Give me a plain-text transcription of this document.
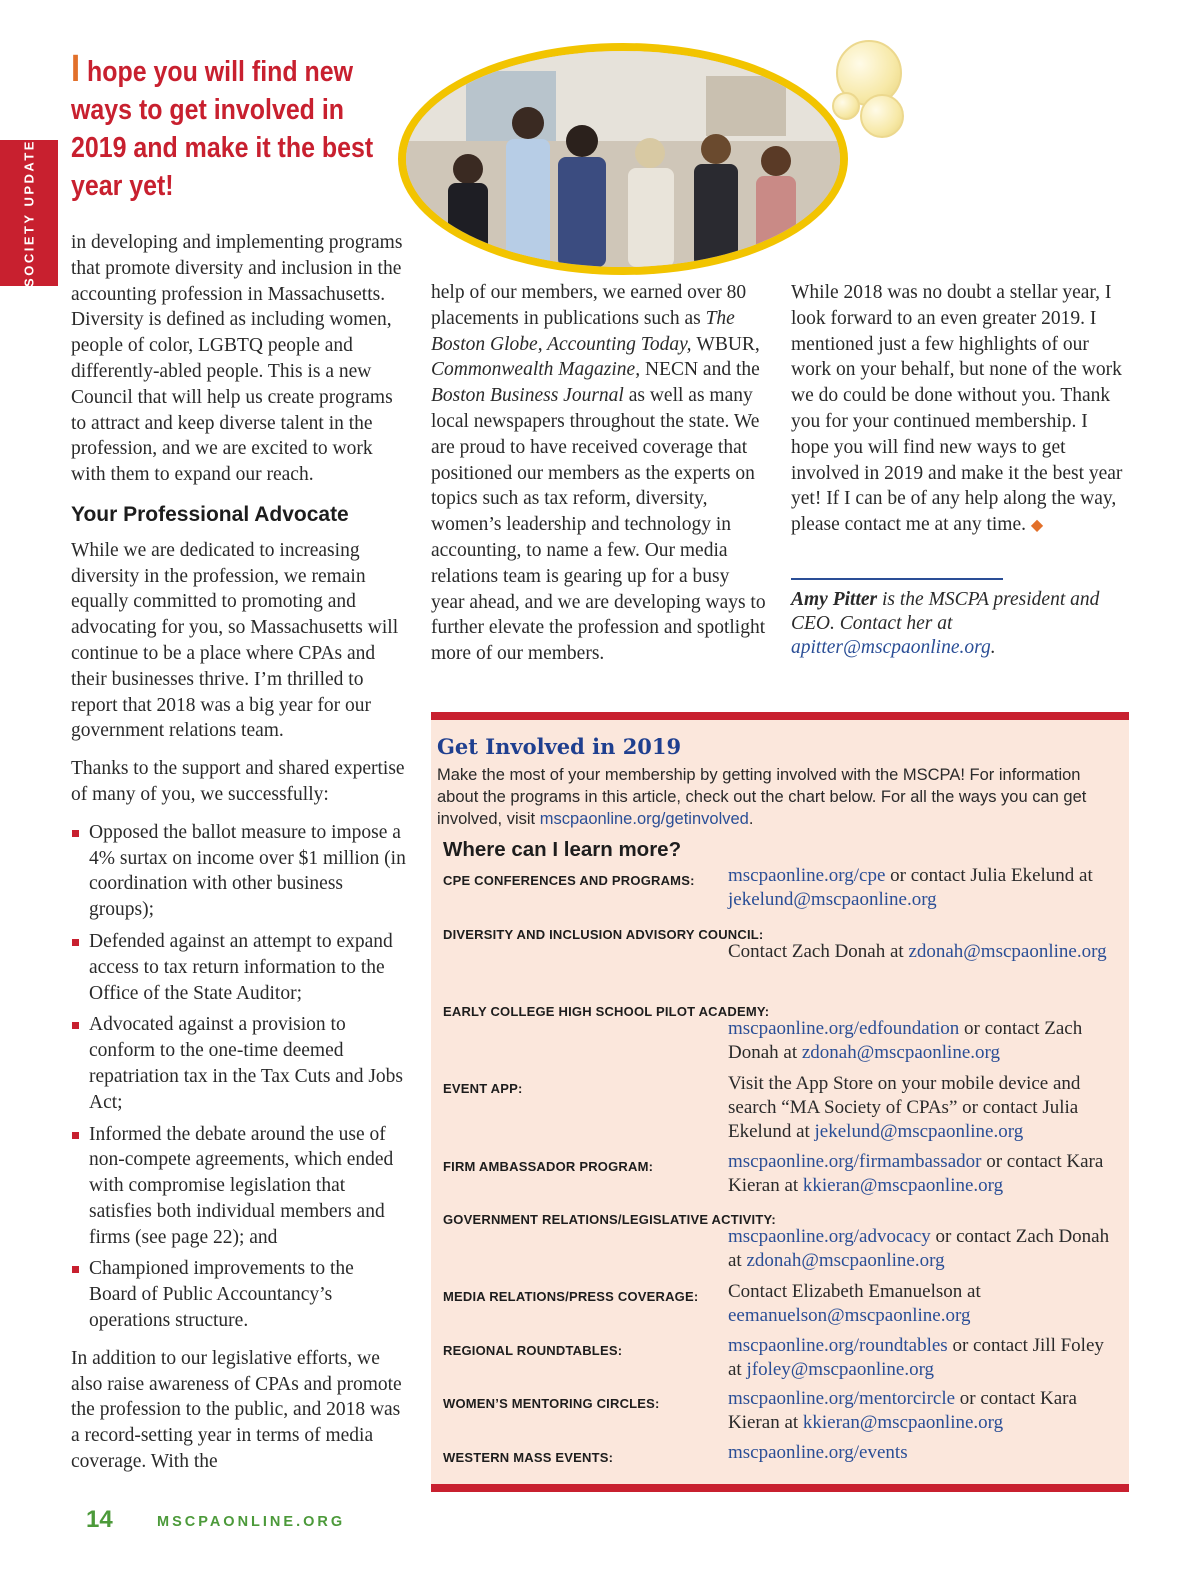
SOCIETY UPDATE
I hope you will find new ways to get involved in 2019 and make it the best year yet!

in developing and implementing programs that promote diversity and inclusion in the accounting profession in Massachusetts. Diversity is defined as including women, people of color, LGBTQ people and differently-abled people. This is a new Council that will help us create programs to attract and keep diverse talent in the profession, and we are excited to work with them to expand our reach.

Your Professional Advocate

While we are dedicated to increasing diversity in the profession, we remain equally committed to promoting and advocating for you, so Massachusetts will continue to be a place where CPAs and their businesses thrive. I’m thrilled to report that 2018 was a big year for our government relations team.

Thanks to the support and shared expertise of many of you, we successfully:

Opposed the ballot measure to impose a 4% surtax on income over $1 million (in coordination with other business groups);
Defended against an attempt to expand access to tax return information to the Office of the State Auditor;
Advocated against a provision to conform to the one-time deemed repatriation tax in the Tax Cuts and Jobs Act;
Informed the debate around the use of non-compete agreements, which ended with compromise legislation that satisfies both individual members and firms (see page 22); and
Championed improvements to the Board of Public Accountancy’s operations structure.

In addition to our legislative efforts, we also raise awareness of CPAs and promote the profession to the public, and 2018 was a record-setting year in terms of media coverage. With the

help of our members, we earned over 80 placements in publications such as The Boston Globe, Accounting Today, WBUR, Commonwealth Magazine, NECN and the Boston Business Journal as well as many local newspapers throughout the state. We are proud to have received coverage that positioned our members as the experts on topics such as tax reform, diversity, women’s leadership and technology in accounting, to name a few. Our media relations team is gearing up for a busy year ahead, and we are developing ways to further elevate the profession and spotlight more of our members.

While 2018 was no doubt a stellar year, I look forward to an even greater 2019. I mentioned just a few highlights of our work on your behalf, but none of the work we do could be done without you. Thank you for your continued membership. I hope you will find new ways to get involved in 2019 and make it the best year yet! If I can be of any help along the way, please contact me at any time. ◆

Amy Pitter is the MSCPA president and CEO. Contact her at apitter@mscpaonline.org.
Get Involved in 2019
Make the most of your membership by getting involved with the MSCPA! For information about the programs in this article, check out the chart below. For all the ways you can get involved, visit mscpaonline.org/getinvolved.
Where can I learn more?
CPE CONFERENCES AND PROGRAMS:	mscpaonline.org/cpe or contact Julia Ekelund at jekelund@mscpaonline.org
DIVERSITY AND INCLUSION ADVISORY COUNCIL:
Contact Zach Donah at zdonah@mscpaonline.org
EARLY COLLEGE HIGH SCHOOL PILOT ACADEMY:
mscpaonline.org/edfoundation or contact Zach Donah at zdonah@mscpaonline.org
EVENT APP:	Visit the App Store on your mobile device and search “MA Society of CPAs” or contact Julia Ekelund at jekelund@mscpaonline.org
FIRM AMBASSADOR PROGRAM:	mscpaonline.org/firmambassador or contact Kara Kieran at kkieran@mscpaonline.org
GOVERNMENT RELATIONS/LEGISLATIVE ACTIVITY:
mscpaonline.org/advocacy or contact Zach Donah at zdonah@mscpaonline.org
MEDIA RELATIONS/PRESS COVERAGE:	Contact Elizabeth Emanuelson at eemanuelson@mscpaonline.org
REGIONAL ROUNDTABLES:	mscpaonline.org/roundtables or contact Jill Foley at jfoley@mscpaonline.org
WOMEN’S MENTORING CIRCLES:	mscpaonline.org/mentorcircle or contact Kara Kieran at kkieran@mscpaonline.org
WESTERN MASS EVENTS:	mscpaonline.org/events
14	MSCPAONLINE.ORG
